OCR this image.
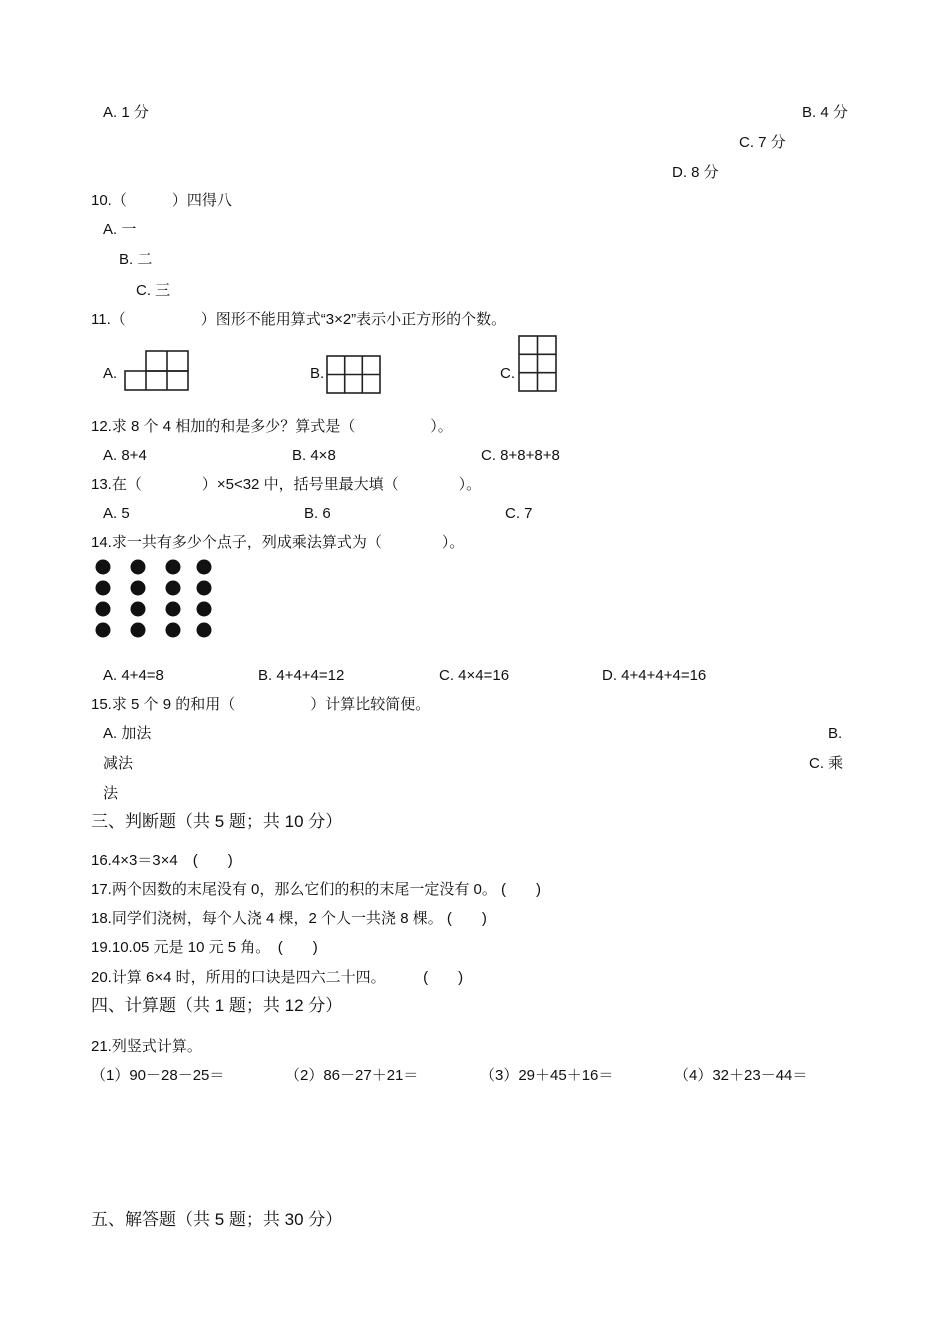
A. 1 分	B. 4 分
C. 7 分
D. 8 分
10.（　　　）四得八
A. 一
B. 二
C. 三
11.（　　　　　）图形不能用算式“3×2”表示小正方形的个数。
A.	B.	C.
12.求 8 个 4 相加的和是多少？算式是（　　　　　）。
A. 8+4	B. 4×8	C. 8+8+8+8
13.在（　　　　）×5<32 中，括号里最大填（　　　　）。
A. 5	B. 6	C. 7
14.求一共有多少个点子，列成乘法算式为（　　　　）。
A. 4+4=8	B. 4+4+4=12	C. 4×4=16	D. 4+4+4+4=16
15.求 5 个 9 的和用（　　　　　）计算比较简便。
A. 加法	B.
减法	C. 乘
法
三、判断题（共 5 题；共 10 分）
16.4×3＝3×4　(　　)
17.两个因数的末尾没有 0，那么它们的积的末尾一定没有 0。 (　　)
18.同学们浇树，每个人浇 4 棵，2 个人一共浇 8 棵。 (　　)
19.10.05 元是 10 元 5 角。　(　　)
20.计算 6×4 时，所用的口诀是四六二十四。　　　(　　)
四、计算题（共 1 题；共 12 分）
21.列竖式计算。
（1）90－28－25＝	（2）86－27＋21＝	（3）29＋45＋16＝	（4）32＋23－44＝
五、解答题（共 5 题；共 30 分）
